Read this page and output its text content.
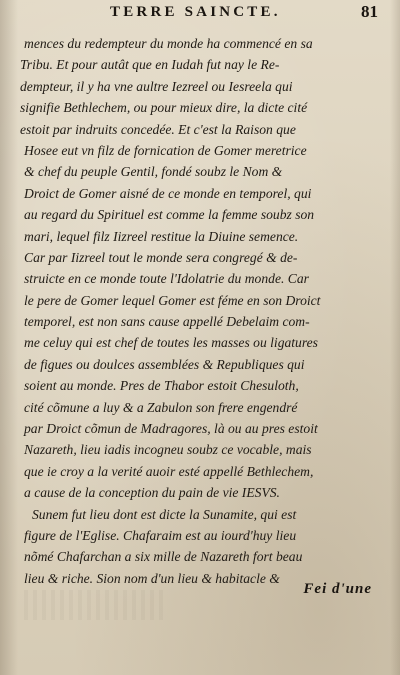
TERRE SAINCTE.	81
mences du redempteur du monde ha commencé en sa
Tribu. Et pour autât que en Iudah fut nay le Re-
dempteur, il y ha vne aultre Iezreel ou Iesreela qui
signifie Bethlechem, ou pour mieux dire, la dicte cité
estoit par indruits concedée. Et c'est la Raison que
Hosee eut vn filz de fornication de Gomer meretrice
& chef du peuple Gentil, fondé soubz le Nom &
Droict de Gomer aisné de ce monde en temporel, qui
au regard du Spirituel est comme la femme soubz son
mari, lequel filz Iizreel restitue la Diuine semence.
Car par Iizreel tout le monde sera congregé & de-
struicte en ce monde toute l'Idolatrie du monde. Car
le pere de Gomer lequel Gomer est féme en son Droict
temporel, est non sans cause appellé Debelaim com-
me celuy qui est chef de toutes les masses ou ligatures
de figues ou doulces assemblées & Republiques qui
soient au monde. Pres de Thabor estoit Chesuloth,
cité cõmune a luy & a Zabulon son frere engendré
par Droict cõmun de Madragores, là ou au pres estoit
Nazareth, lieu iadis incogneu soubz ce vocable, mais
que ie croy a la verité auoir esté appellé Bethlechem,
a cause de la conception du pain de vie IESVS.
Sunem fut lieu dont est dicte la Sunamite, qui est
figure de l'Eglise. Chafaraim est au iourd'huy lieu
nõmé Chafarchan a six mille de Nazareth fort beau
lieu & riche. Sion nom d'un lieu & habitacle &
Fei d'une
